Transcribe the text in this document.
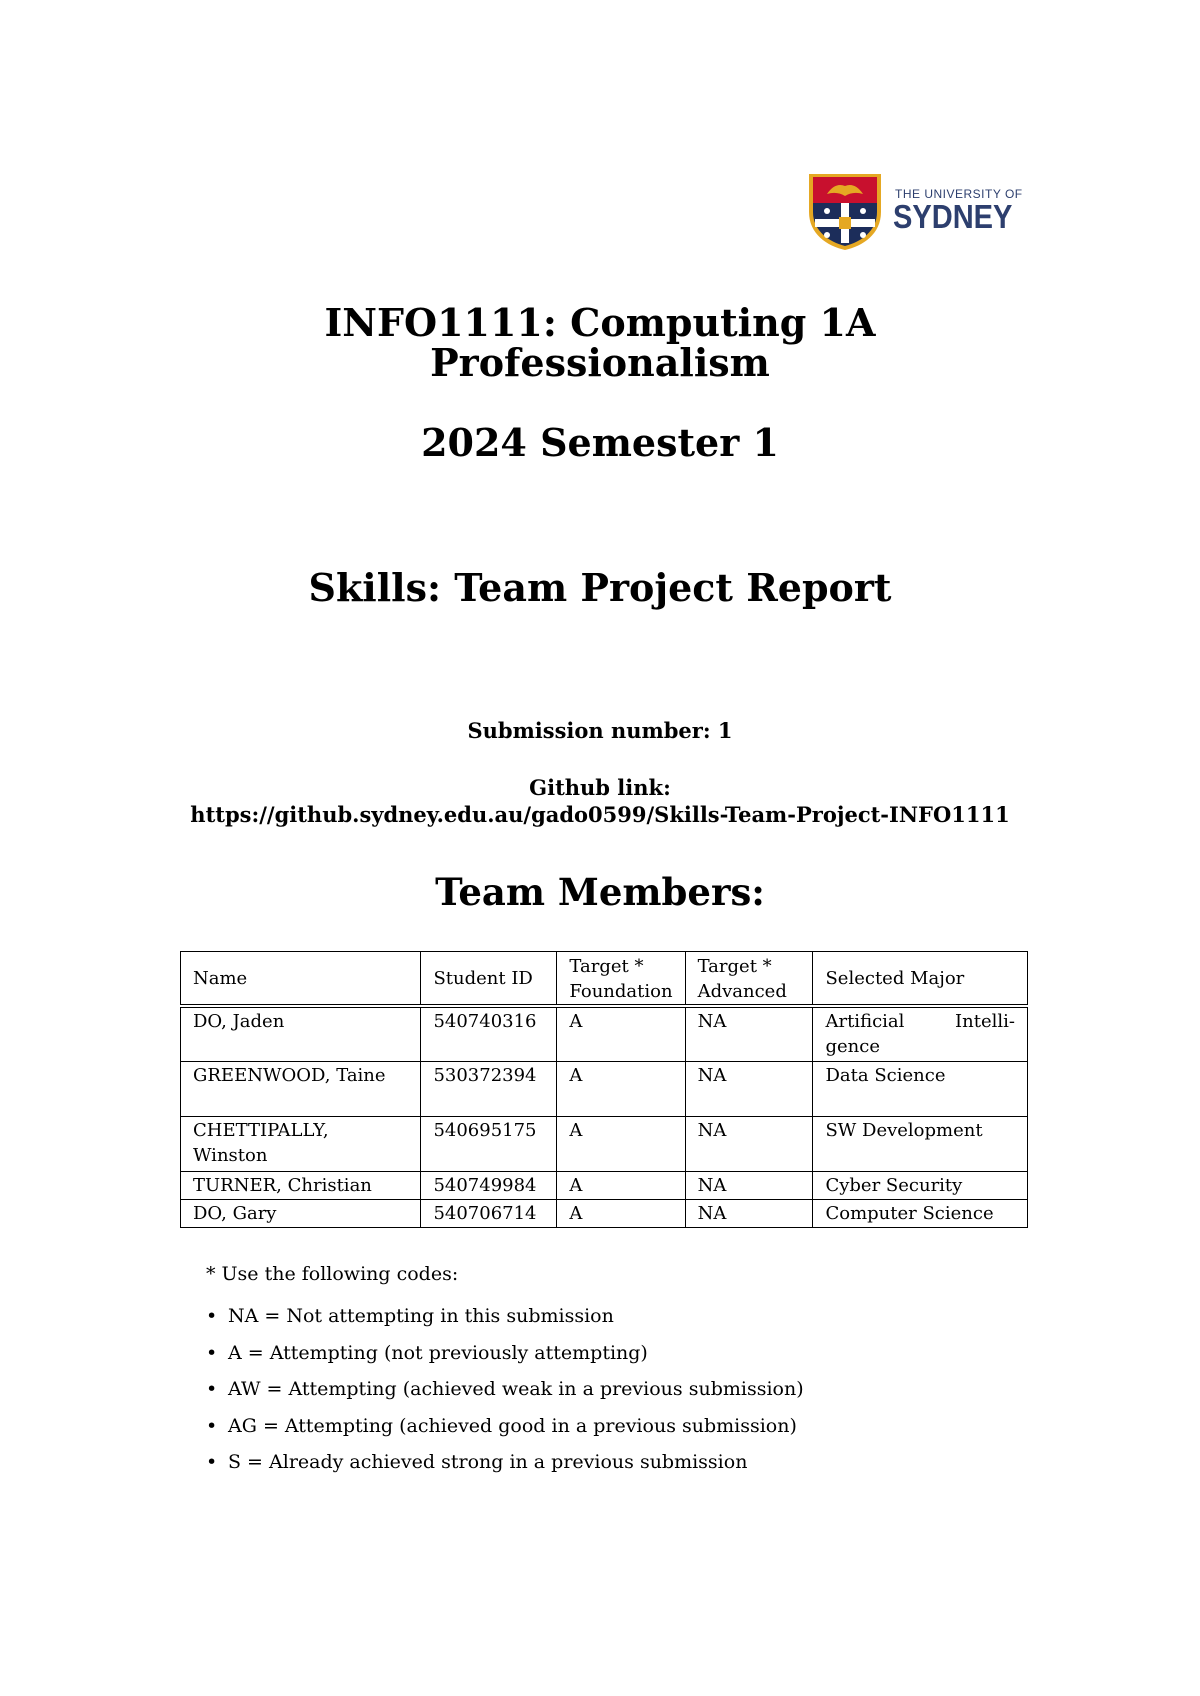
THE UNIVERSITY OF
SYDNEY
INFO1111: Computing 1A
Professionalism
2024 Semester 1
Skills: Team Project Report
Submission number: 1
Github link:
https://github.sydney.edu.au/gado0599/Skills-Team-Project-INFO1111
Team Members:
Name	Student ID	Target * Foundation	Target * Advanced	Selected Major
DO, Jaden	540740316	A	NA	Artificial Intelli-gence
GREENWOOD, Taine	530372394	A	NA	Data Science
CHETTIPALLY, Winston	540695175	A	NA	SW Development
TURNER, Christian	540749984	A	NA	Cyber Security
DO, Gary	540706714	A	NA	Computer Science
* Use the following codes:
• NA = Not attempting in this submission
• A = Attempting (not previously attempting)
• AW = Attempting (achieved weak in a previous submission)
• AG = Attempting (achieved good in a previous submission)
• S = Already achieved strong in a previous submission
